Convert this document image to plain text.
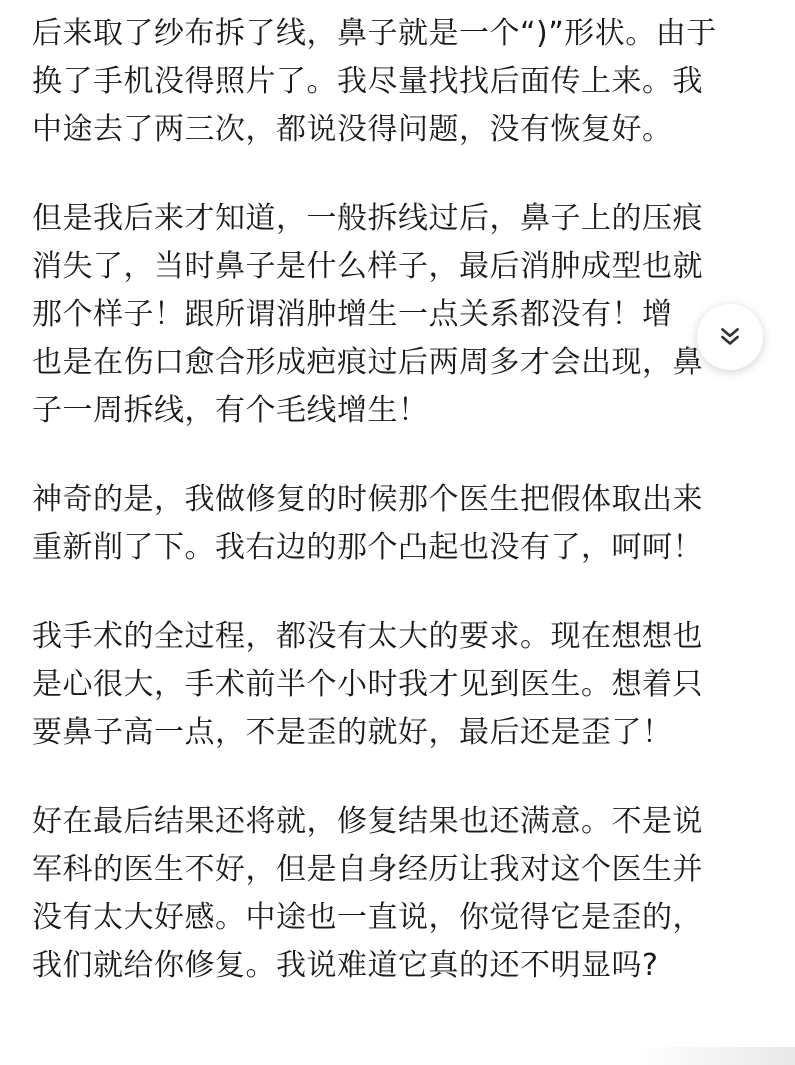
后来取了纱布拆了线，鼻子就是一个“)”形状。由于
换了手机没得照片了。我尽量找找后面传上来。我
中途去了两三次，都说没得问题，没有恢复好。
但是我后来才知道，一般拆线过后，鼻子上的压痕
消失了，当时鼻子是什么样子，最后消肿成型也就
那个样子！跟所谓消肿增生一点关系都没有！增
也是在伤口愈合形成疤痕过后两周多才会出现，鼻
子一周拆线，有个毛线增生！
神奇的是，我做修复的时候那个医生把假体取出来
重新削了下。我右边的那个凸起也没有了，呵呵！
我手术的全过程，都没有太大的要求。现在想想也
是心很大，手术前半个小时我才见到医生。想着只
要鼻子高一点，不是歪的就好，最后还是歪了！
好在最后结果还将就，修复结果也还满意。不是说
军科的医生不好，但是自身经历让我对这个医生并
没有太大好感。中途也一直说，你觉得它是歪的，
我们就给你修复。我说难道它真的还不明显吗?
